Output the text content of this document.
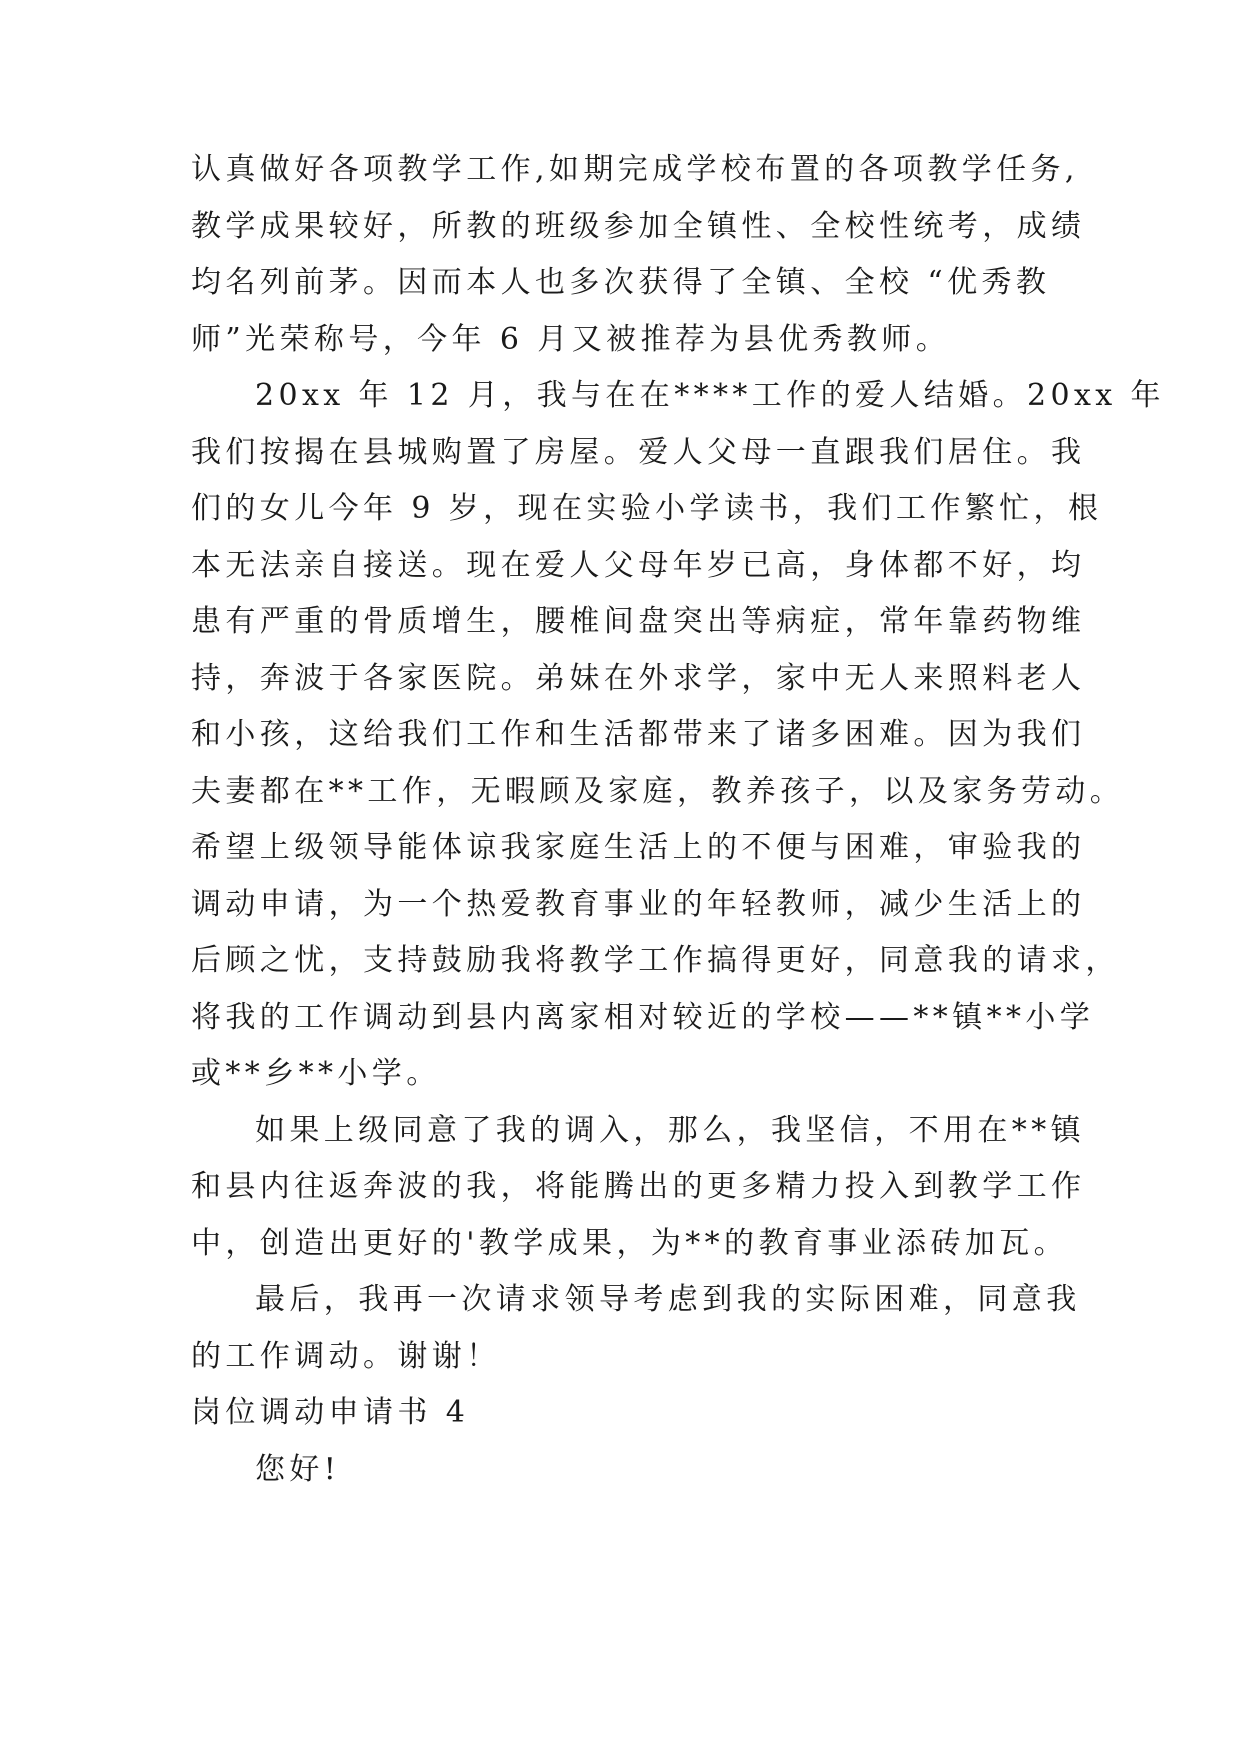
认真做好各项教学工作,如期完成学校布置的各项教学任务,
教学成果较好，所教的班级参加全镇性、全校性统考，成绩
均名列前茅。因而本人也多次获得了全镇、全校 “优秀教
师”光荣称号，今年 6 月又被推荐为县优秀教师。
20xx 年 12 月，我与在在****工作的爱人结婚。20xx 年
我们按揭在县城购置了房屋。爱人父母一直跟我们居住。我
们的女儿今年 9 岁，现在实验小学读书，我们工作繁忙，根
本无法亲自接送。现在爱人父母年岁已高，身体都不好，均
患有严重的骨质增生，腰椎间盘突出等病症，常年靠药物维
持，奔波于各家医院。弟妹在外求学，家中无人来照料老人
和小孩，这给我们工作和生活都带来了诸多困难。因为我们
夫妻都在**工作，无暇顾及家庭，教养孩子，以及家务劳动。
希望上级领导能体谅我家庭生活上的不便与困难，审验我的
调动申请，为一个热爱教育事业的年轻教师，减少生活上的
后顾之忧，支持鼓励我将教学工作搞得更好，同意我的请求，
将我的工作调动到县内离家相对较近的学校——**镇**小学
或**乡**小学。
如果上级同意了我的调入，那么，我坚信，不用在**镇
和县内往返奔波的我，将能腾出的更多精力投入到教学工作
中，创造出更好的'教学成果，为**的教育事业添砖加瓦。
最后，我再一次请求领导考虑到我的实际困难，同意我
的工作调动。谢谢！
岗位调动申请书 4
您好!
